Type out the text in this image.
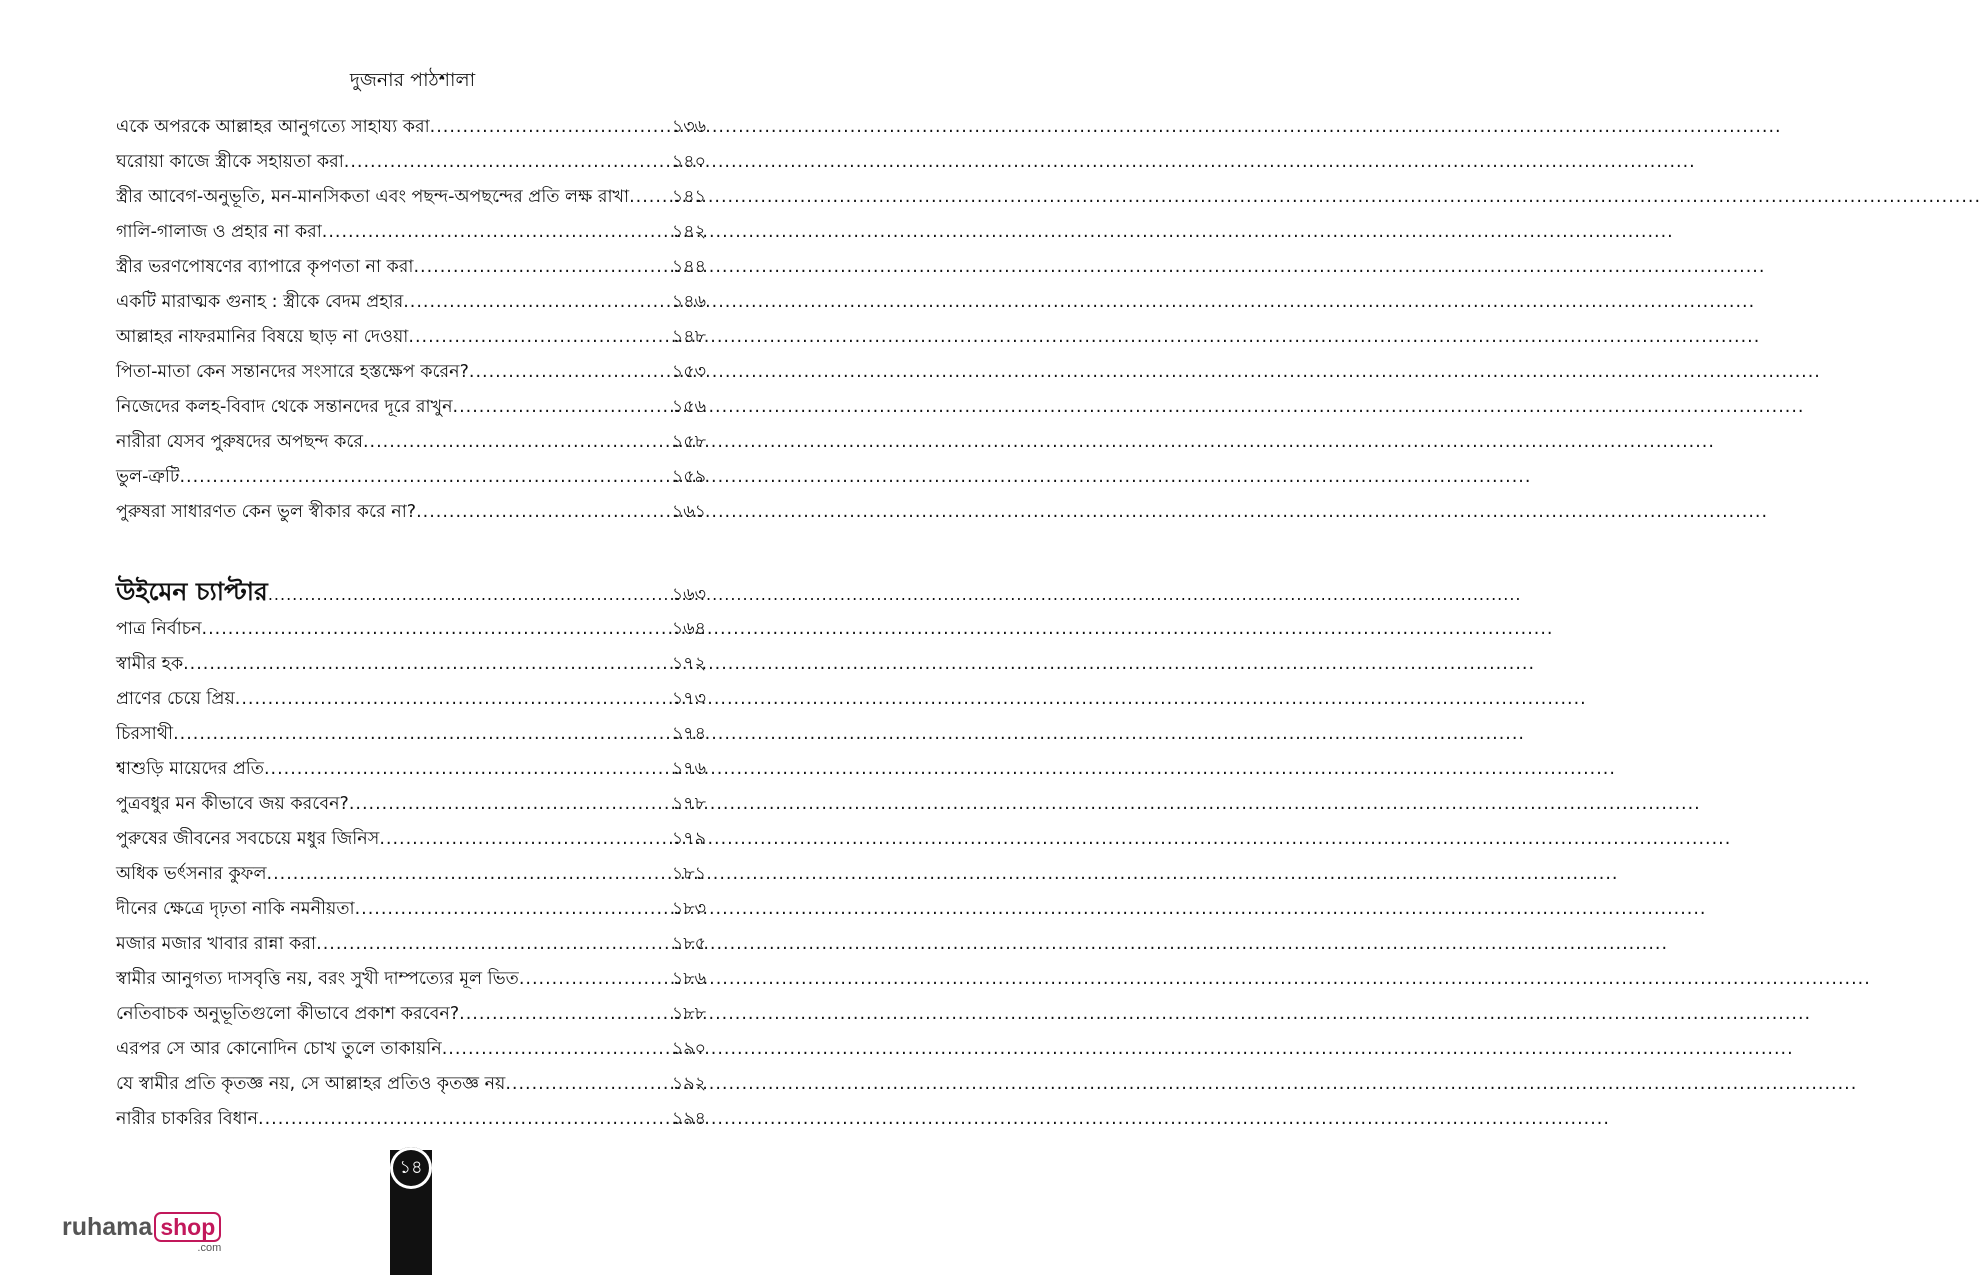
দুজনার পাঠশালা
একে অপরকে আল্লাহর আনুগত্যে সাহায্য করা .....	১৩৬
ঘরোয়া কাজে স্ত্রীকে সহায়তা করা .....	১৪০
স্ত্রীর আবেগ-অনুভূতি, মন-মানসিকতা এবং পছন্দ-অপছন্দের প্রতি লক্ষ রাখা ..... ১৪১
গালি-গালাজ ও প্রহার না করা .....	১৪২
স্ত্রীর ভরণপোষণের ব্যাপারে কৃপণতা না করা .....	১৪৪
একটি মারাত্মক গুনাহ : স্ত্রীকে বেদম প্রহার .....	১৪৬
আল্লাহর নাফরমানির বিষয়ে ছাড় না দেওয়া .....	১৪৮
পিতা-মাতা কেন সন্তানদের সংসারে হস্তক্ষেপ করেন? .....	১৫৩
নিজেদের কলহ-বিবাদ থেকে সন্তানদের দূরে রাখুন .....	১৫৬
নারীরা যেসব পুরুষদের অপছন্দ করে .....	১৫৮
ভুল-ত্রুটি .....	১৫৯
পুরুষরা সাধারণত কেন ভুল স্বীকার করে না? .....	১৬১
উইমেন চ্যাপ্টার .....	১৬৩
পাত্র নির্বাচন .....	১৬৪
স্বামীর হক .....	১৭২
প্রাণের চেয়ে প্রিয় .....	১৭৩
চিরসাথী .....	১৭৪
শ্বাশুড়ি মায়েদের প্রতি .....	১৭৬
পুত্রবধুর মন কীভাবে জয় করবেন? .....	১৭৮
পুরুষের জীবনের সবচেয়ে মধুর জিনিস .....	১৭৯
অধিক ভর্ৎসনার কুফল .....	১৮১
দীনের ক্ষেত্রে দৃঢ়তা নাকি নমনীয়তা .....	১৮৩
মজার মজার খাবার রান্না করা .....	১৮৫
স্বামীর আনুগত্য দাসবৃত্তি নয়, বরং সুখী দাম্পত্যের মূল ভিত .....	১৮৬
নেতিবাচক অনুভূতিগুলো কীভাবে প্রকাশ করবেন? .....	১৮৮
এরপর সে আর কোনোদিন চোখ তুলে তাকায়নি .....	১৯০
যে স্বামীর প্রতি কৃতজ্ঞ নয়, সে আল্লাহর প্রতিও কৃতজ্ঞ নয় .....	১৯২
নারীর চাকরির বিধান .....	১৯৪
১৪
ruhama shop
.com
